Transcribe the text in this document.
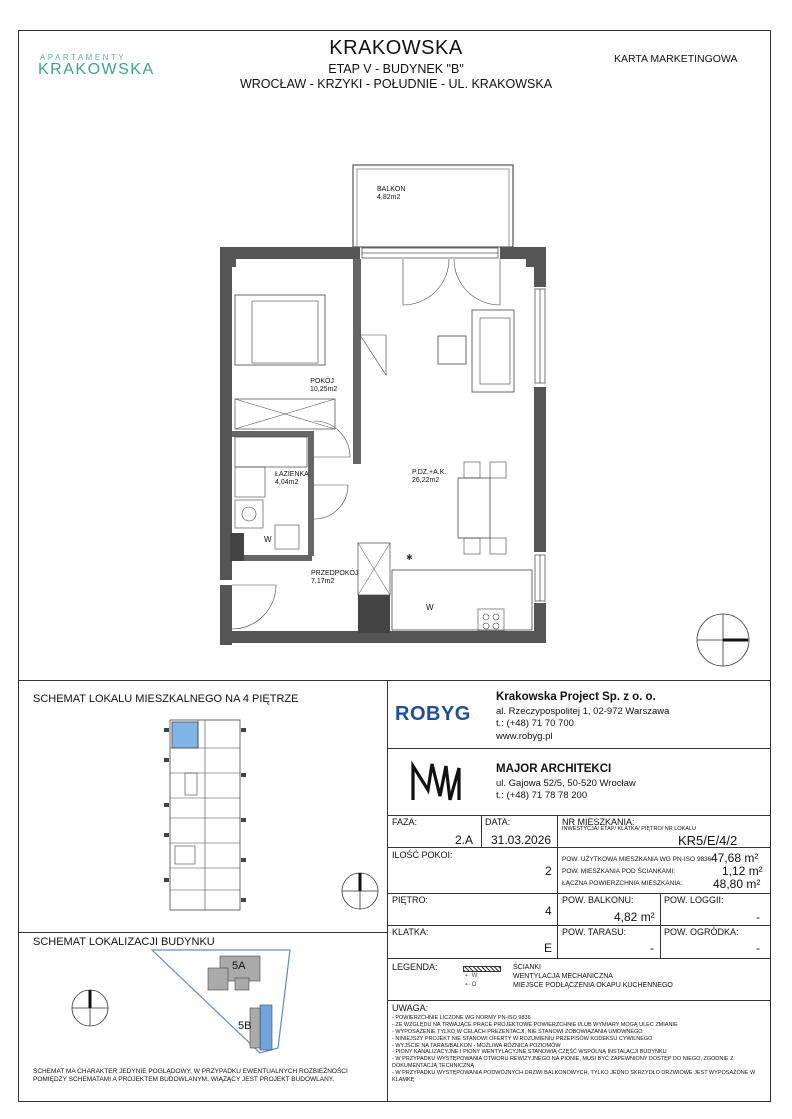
APARTAMENTY
KRAKOWSKA
KRAKOWSKA
ETAP V - BUDYNEK "B"
WROCŁAW - KRZYKI - POŁUDNIE - UL. KRAKOWSKA
KARTA MARKETINGOWA
✱
BALKON
4,82m2
POKÓJ
10,25m2
ŁAZIENKA
4,04m2
P.DZ.+A.K.
26,22m2
PRZEDPOKÓJ
7,17m2
W
W
SCHEMAT LOKALU MIESZKALNEGO NA 4 PIĘTRZE
SCHEMAT LOKALIZACJI BUDYNKU
5A
5B
SCHEMAT MA CHARAKTER JEDYNIE POGLĄDOWY, W PRZYPADKU EWENTUALNYCH ROZBIEŻNOŚCI POMIĘDZY SCHEMATAMI A PROJEKTEM BUDOWLANYM, WIĄŻĄCY JEST PROJEKT BUDOWLANY.
ROBYG
Krakowska Project Sp. z o. o.
al. Rzeczypospolitej 1, 02-972 Warszawa
t.: (+48) 71 70 700
www.robyg.pl
MAJOR ARCHITEKCI
ul. Gajowa 52/5, 50-520 Wrocław
t.: (+48) 71 78 78 200
FAZA:
2.A
DATA:
31.03.2026
NR MIESZKANIA:
INWESTYCJA/ ETAP/ KLATKA/ PIĘTRO/ NR LOKALU
KR5/E/4/2
ILOŚĆ POKOI:
2
POW. UŻYTKOWA MIESZKANIA WG PN-ISO 9836:
47,68 m²
POW. MIESZKANIA POD ŚCIANKAMI:	1,12 m²
ŁĄCZNA POWIERZCHNIA MIESZKANIA:	48,80 m²
PIĘTRO:
4
POW. BALKONU:
4,82 m²
POW. LOGGII:
-
KLATKA:
E
POW. TARASU:
-
POW. OGRÓDKA:
-
LEGENDA:
⇠ W
⇠ O
ŚCIANKI
WENTYLACJA MECHANICZNA
MIEJSCE PODŁĄCZENIA OKAPU KUCHENNEGO
UWAGA:
- POWIERZCHNIE LICZONE WG NORMY PN-ISO 9836
- ZE WZGLĘDU NA TRWAJĄCE PRACE PROJEKTOWE POWIERZCHNIE I/LUB WYMIARY MOGĄ ULEC ZMIANIE
- WYPOSAŻENIE TYLKO W CELACH PREZENTACJI, NIE STANOWI ZOBOWIĄZANIA UMOWNEGO
- NINIEJSZY PROJEKT NIE STANOWI OFERTY W ROZUMIENIU PRZEPISÓW KODEKSU CYWILNEGO
- WYJŚCIE NA TARAS/BALKON - MOŻLIWA RÓŻNICA POZIOMÓW
- PIONY KANALIZACYJNE I PIONY WENTYLACYJNE STANOWIĄ CZĘŚĆ WSPÓLNĄ INSTALACJI BUDYNKU
- W PRZYPADKU WYSTĘPOWANIA OTWORU REWIZYJNEGO NA PIONIE, MUSI BYĆ ZAPEWNIONY DOSTĘP DO NIEGO, ZGODNIE Z DOKUMENTACJĄ TECHNICZNĄ
- W PRZYPADKU WYSTĘPOWANIA PODWÓJNYCH DRZWI BALKONOWYCH, TYLKO JEDNO SKRZYDŁO DRZWIOWE JEST WYPOSAŻONE W KLAMKĘ
